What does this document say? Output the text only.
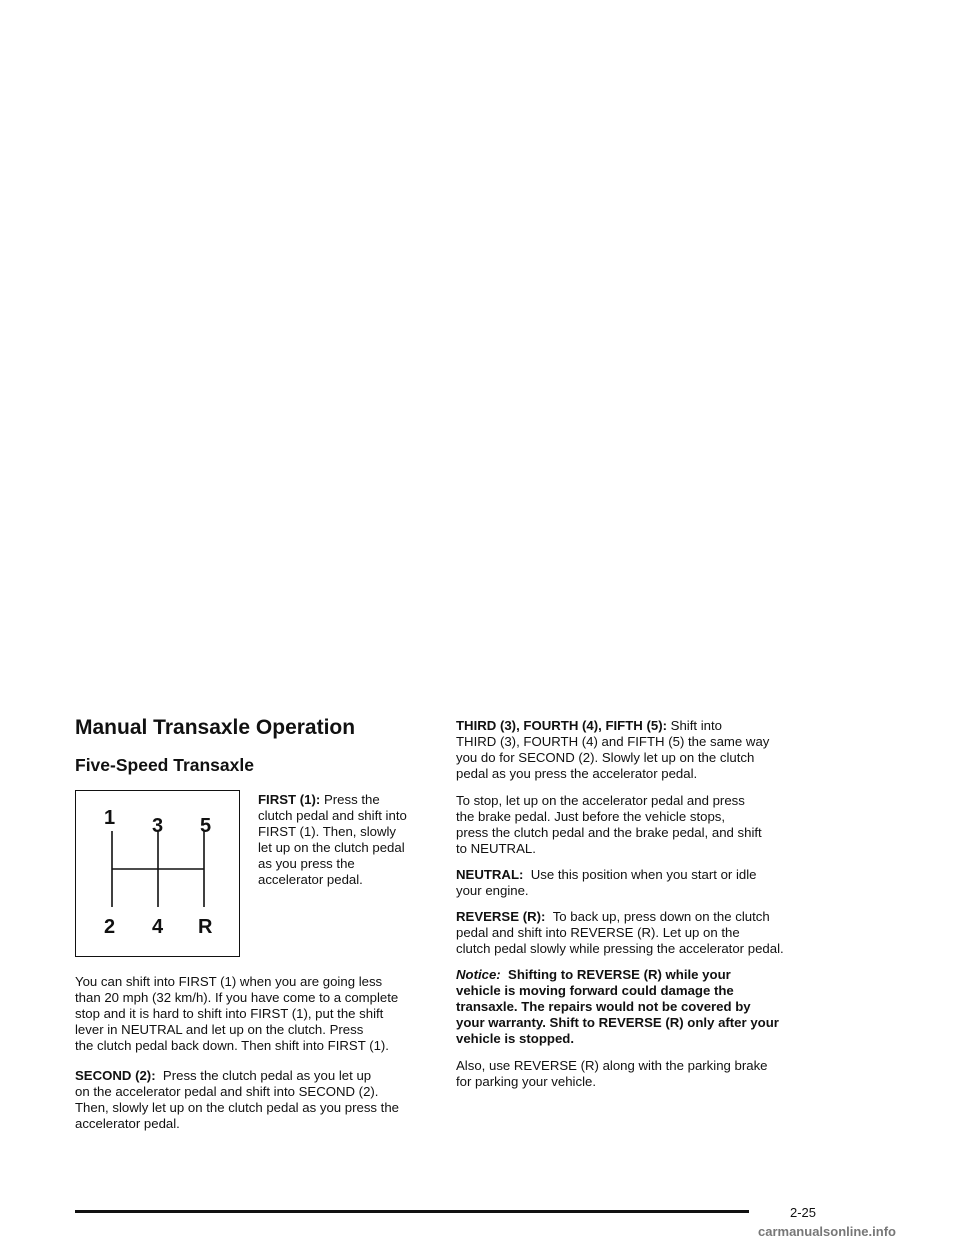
Manual Transaxle Operation
Five-Speed Transaxle
1 3 5
2 4 R
FIRST (1): Press the
clutch pedal and shift into
FIRST (1). Then, slowly
let up on the clutch pedal
as you press the
accelerator pedal.
You can shift into FIRST (1) when you are going less
than 20 mph (32 km/h). If you have come to a complete
stop and it is hard to shift into FIRST (1), put the shift
lever in NEUTRAL and let up on the clutch. Press
the clutch pedal back down. Then shift into FIRST (1).
SECOND (2): Press the clutch pedal as you let up
on the accelerator pedal and shift into SECOND (2).
Then, slowly let up on the clutch pedal as you press the
accelerator pedal.
THIRD (3), FOURTH (4), FIFTH (5): Shift into
THIRD (3), FOURTH (4) and FIFTH (5) the same way
you do for SECOND (2). Slowly let up on the clutch
pedal as you press the accelerator pedal.
To stop, let up on the accelerator pedal and press
the brake pedal. Just before the vehicle stops,
press the clutch pedal and the brake pedal, and shift
to NEUTRAL.
NEUTRAL: Use this position when you start or idle
your engine.
REVERSE (R): To back up, press down on the clutch
pedal and shift into REVERSE (R). Let up on the
clutch pedal slowly while pressing the accelerator pedal.
Notice: Shifting to REVERSE (R) while your
vehicle is moving forward could damage the
transaxle. The repairs would not be covered by
your warranty. Shift to REVERSE (R) only after your
vehicle is stopped.
Also, use REVERSE (R) along with the parking brake
for parking your vehicle.
2-25
carmanualsonline.info
